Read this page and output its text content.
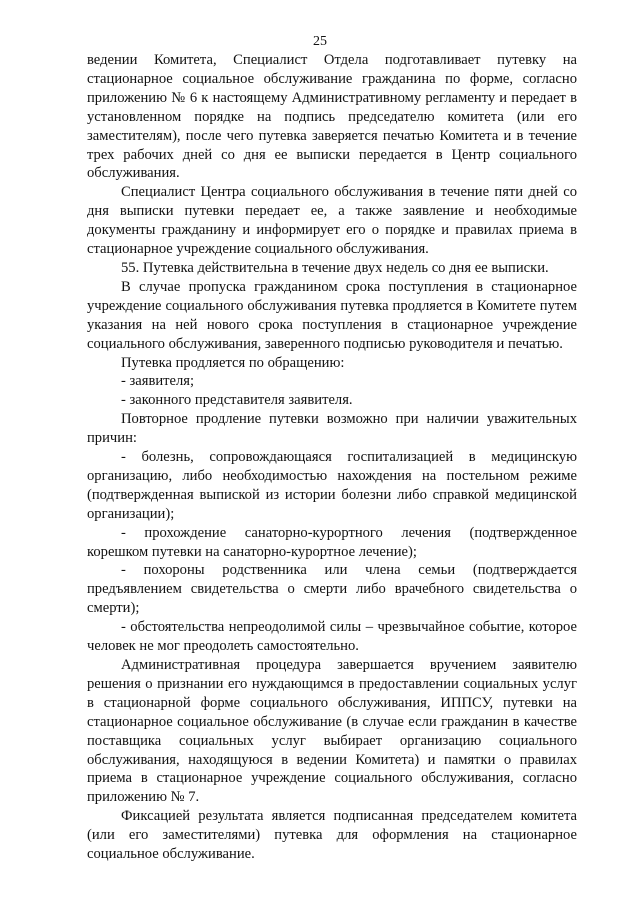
25

ведении Комитета, Специалист Отдела подготавливает путевку на стационарное социальное обслуживание гражданина по форме, согласно приложению № 6 к настоящему Административному регламенту и передает в установленном порядке на подпись председателю комитета (или его заместителям), после чего путевка заверяется печатью Комитета и в течение трех рабочих дней со дня ее выписки передается в Центр социального обслуживания.

Специалист Центра социального обслуживания в течение пяти дней со дня выписки путевки передает ее, а также заявление и необходимые документы гражданину и информирует его о порядке и правилах приема в стационарное учреждение социального обслуживания.

55. Путевка действительна в течение двух недель со дня ее выписки.

В случае пропуска гражданином срока поступления в стационарное учреждение социального обслуживания путевка продляется в Комитете путем указания на ней нового срока поступления в стационарное учреждение социального обслуживания, заверенного подписью руководителя и печатью.

Путевка продляется по обращению:

- заявителя;

- законного представителя заявителя.

Повторное продление путевки возможно при наличии уважительных причин:

- болезнь, сопровождающаяся госпитализацией в медицинскую организацию, либо необходимостью нахождения на постельном режиме (подтвержденная выпиской из истории болезни либо справкой медицинской организации);

- прохождение санаторно-курортного лечения (подтвержденное корешком путевки на санаторно-курортное лечение);

- похороны родственника или члена семьи (подтверждается предъявлением свидетельства о смерти либо врачебного свидетельства о смерти);

- обстоятельства непреодолимой силы – чрезвычайное событие, которое человек не мог преодолеть самостоятельно.

Административная процедура завершается вручением заявителю решения о признании его нуждающимся в предоставлении социальных услуг в стационарной форме социального обслуживания, ИППСУ, путевки на стационарное социальное обслуживание (в случае если гражданин в качестве поставщика социальных услуг выбирает организацию социального обслуживания, находящуюся в ведении Комитета) и памятки о правилах приема в стационарное учреждение социального обслуживания, согласно приложению № 7.

Фиксацией результата является подписанная председателем комитета (или его заместителями) путевка для оформления на стационарное социальное обслуживание.
